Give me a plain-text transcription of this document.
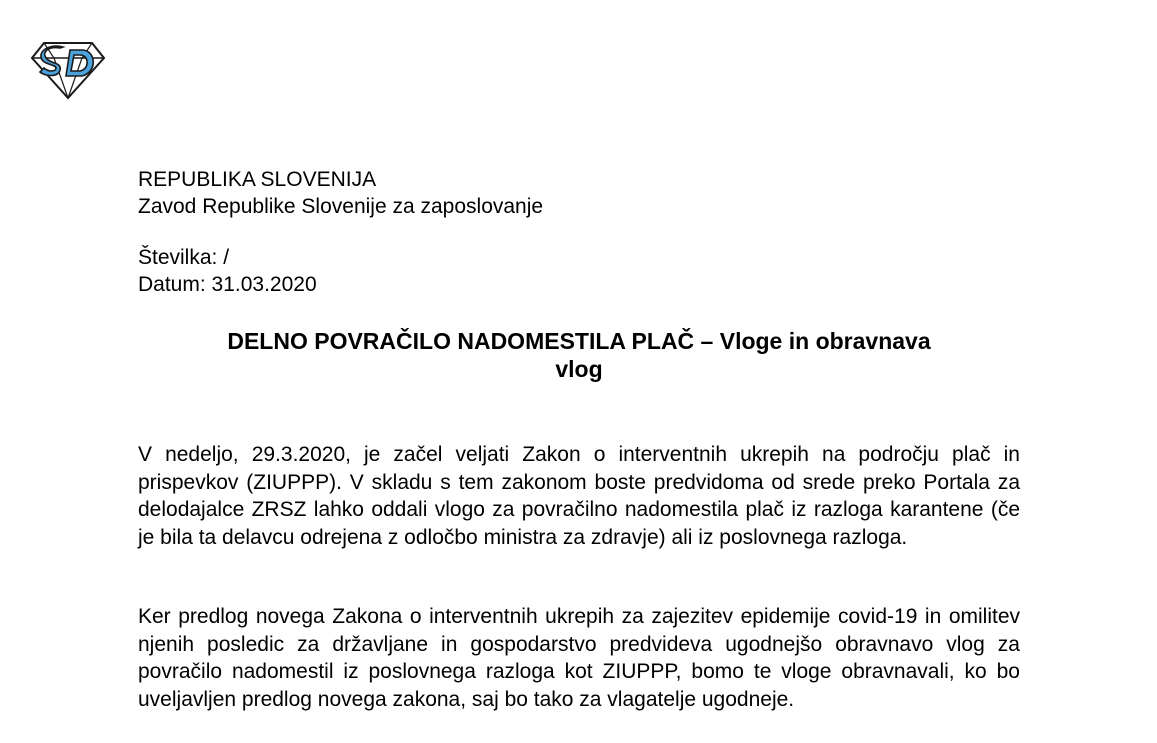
REPUBLIKA SLOVENIJA
Zavod Republike Slovenije za zaposlovanje
Številka: /
Datum: 31.03.2020
DELNO POVRAČILO NADOMESTILA PLAČ – Vloge in obravnava
vlog
V nedeljo, 29.3.2020, je začel veljati Zakon o interventnih ukrepih na področju plač in prispevkov (ZIUPPP). V skladu s tem zakonom boste predvidoma od srede preko Portala za delodajalce ZRSZ lahko oddali vlogo za povračilno nadomestila plač iz razloga karantene (če je bila ta delavcu odrejena z odločbo ministra za zdravje) ali iz poslovnega razloga.
Ker predlog novega Zakona o interventnih ukrepih za zajezitev epidemije covid-19 in omilitev njenih posledic za državljane in gospodarstvo predvideva ugodnejšo obravnavo vlog za povračilo nadomestil iz poslovnega razloga kot ZIUPPP, bomo te vloge obravnavali, ko bo uveljavljen predlog novega zakona, saj bo tako za vlagatelje ugodneje.
